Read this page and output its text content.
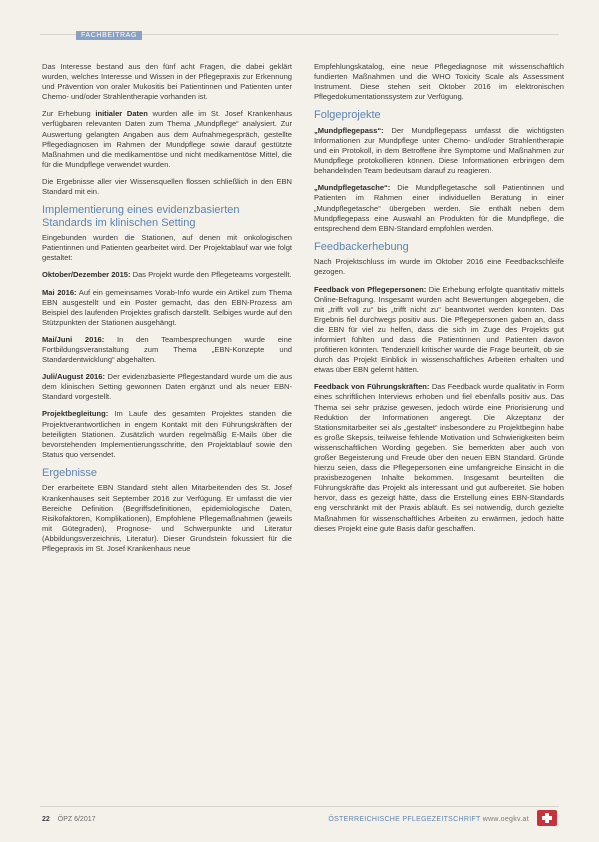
FACHBEITRAG

Das Interesse bestand aus den fünf acht Fragen, die dabei geklärt wurden, welches Interesse und Wissen in der Pflegepraxis zur Erkennung und Prävention von oraler Mukositis bei Patientinnen und Patienten unter Chemo- und/oder Strahlentherapie vorhanden ist.

Zur Erhebung initialer Daten wurden alle im St. Josef Krankenhaus verfügbaren relevanten Daten zum Thema „Mundpflege“ analysiert. Zur Auswertung gelangten Angaben aus dem Aufnahmegespräch, gestellte Pflegediagnosen im Rahmen der Mundpflege sowie darauf gestützte Maßnahmen und die medikamentöse und nicht medikamentöse Mittel, die für die Mundpflege verwendet wurden.

Die Ergebnisse aller vier Wissensquellen flossen schließlich in den EBN Standard mit ein.

Implementierung eines evidenzbasierten Standards im klinischen Setting

Eingebunden wurden die Stationen, auf denen mit onkologischen Patientinnen und Patienten gearbeitet wird. Der Projektablauf war wie folgt gestaltet:

Oktober/Dezember 2015: Das Projekt wurde den Pflegeteams vorgestellt.

Mai 2016: Auf ein gemeinsames Vorab-Info wurde ein Artikel zum Thema EBN ausgestellt und ein Poster gemacht, das den EBN-Prozess am Beispiel des laufenden Projektes grafisch darstellt. Selbiges wurde auf den Stützpunkten der Stationen ausgehängt.

Mai/Juni 2016: In den Teambesprechungen wurde eine Fortbildungsveranstaltung zum Thema „EBN-Konzepte und Standardentwicklung“ abgehalten.

Juli/August 2016: Der evidenzbasierte Pflegestandard wurde um die aus dem klinischen Setting gewonnen Daten ergänzt und als neuer EBN-Standard vorgestellt.

Projektbegleitung: Im Laufe des gesamten Projektes standen die Projektverantwortlichen in engem Kontakt mit den Führungskräften der beteiligten Stationen. Zusätzlich wurden regelmäßig E-Mails über die bevorstehenden Implementierungsschritte, den Projektablauf sowie den Status quo versendet.

Ergebnisse

Der erarbeitete EBN Standard steht allen Mitarbeitenden des St. Josef Krankenhauses seit September 2016 zur Verfügung. Er umfasst die vier Bereiche Definition (Begriffsdefinitionen, epidemiologische Daten, Risikofaktoren, Komplikationen), Empfohlene Pflegemaßnahmen (jeweils mit Gütegraden), Prognose- und Schwerpunkte und Literatur (Abbildungsverzeichnis, Literatur). Dieser Grundstein fokussiert für die Pflegepraxis im St. Josef Krankenhaus neue

Empfehlungskatalog, eine neue Pflegediagnose mit wissenschaftlich fundierten Maßnahmen und die WHO Toxicity Scale als Assessment Instrument. Diese stehen seit Oktober 2016 im elektronischen Pflegedokumentationssystem zur Verfügung.

Folgeprojekte

„Mundpflegepass“: Der Mundpflegepass umfasst die wichtigsten Informationen zur Mundpflege unter Chemo- und/oder Strahlentherapie und ein Protokoll, in dem Betroffene ihre Symptome und Maßnahmen zur Mundpflege protokollieren können. Diese Informationen erbringen dem behandelnden Team bedeutsam darauf zu reagieren.

„Mundpflegetasche“: Die Mundpflegetasche soll Patientinnen und Patienten im Rahmen einer individuellen Beratung in einer „Mundpflegetasche“ übergeben werden. Sie enthält neben dem Mundpflegepass eine Auswahl an Produkten für die Mundpflege, die entsprechend dem EBN-Standard empfohlen werden.

Feedbackerhebung

Nach Projektschluss im wurde im Oktober 2016 eine Feedbackschleife gezogen.

Feedback von Pflegepersonen: Die Erhebung erfolgte quantitativ mittels Online-Befragung. Insgesamt wurden acht Bewertungen abgegeben, die mit „trifft voll zu“ bis „trifft nicht zu“ beantwortet werden konnten. Das Ergebnis fiel durchwegs positiv aus. Die Pflegepersonen gaben an, dass die EBN für viel zu helfen, dass die sich im Zuge des Projekts gut informiert fühlten und dass die Patientinnen und Patienten davon profitieren könnten. Tendenziell kritischer wurde die Frage beurteilt, ob sie durch das Projekt Einblick in wissenschaftliches Arbeiten erhalten und etwas über EBN gelernt hätten.

Feedback von Führungskräften: Das Feedback wurde qualitativ in Form eines schriftlichen Interviews erhoben und fiel ebenfalls positiv aus. Das Thema sei sehr präzise gewesen, jedoch würde eine Priorisierung und Reduktion der Informationen angeregt. Die Akzeptanz der Stationsmitarbeiter sei als „gestaltet“ insbesondere zu Projektbeginn habe es große Skepsis, teilweise fehlende Motivation und Schwierigkeiten beim wissenschaftlichen Wording gegeben. Sie bemerkten aber auch von großer Begeisterung und Freude über den neuen EBN Standard. Gründe hierzu seien, dass die Pflegepersonen eine umfangreiche Einsicht in die praxisbezogenen Inhalte bekommen. Insgesamt beurteilten die Führungskräfte das Projekt als interessant und gut aufbereitet. Sie hoben hervor, dass es gezeigt hätte, dass die Erstellung eines EBN-Standards eng verschränkt mit der Praxis abläuft. Es sei notwendig, durch gezielte Maßnahmen für wissenschaftliches Arbeiten zu erwärmen, jedoch hätte dieses Projekt eine gute Basis dafür geschaffen.

22 ÖPZ 6/2017	ÖSTERREICHISCHE PFLEGEZEITSCHRIFT www.oegkv.at
